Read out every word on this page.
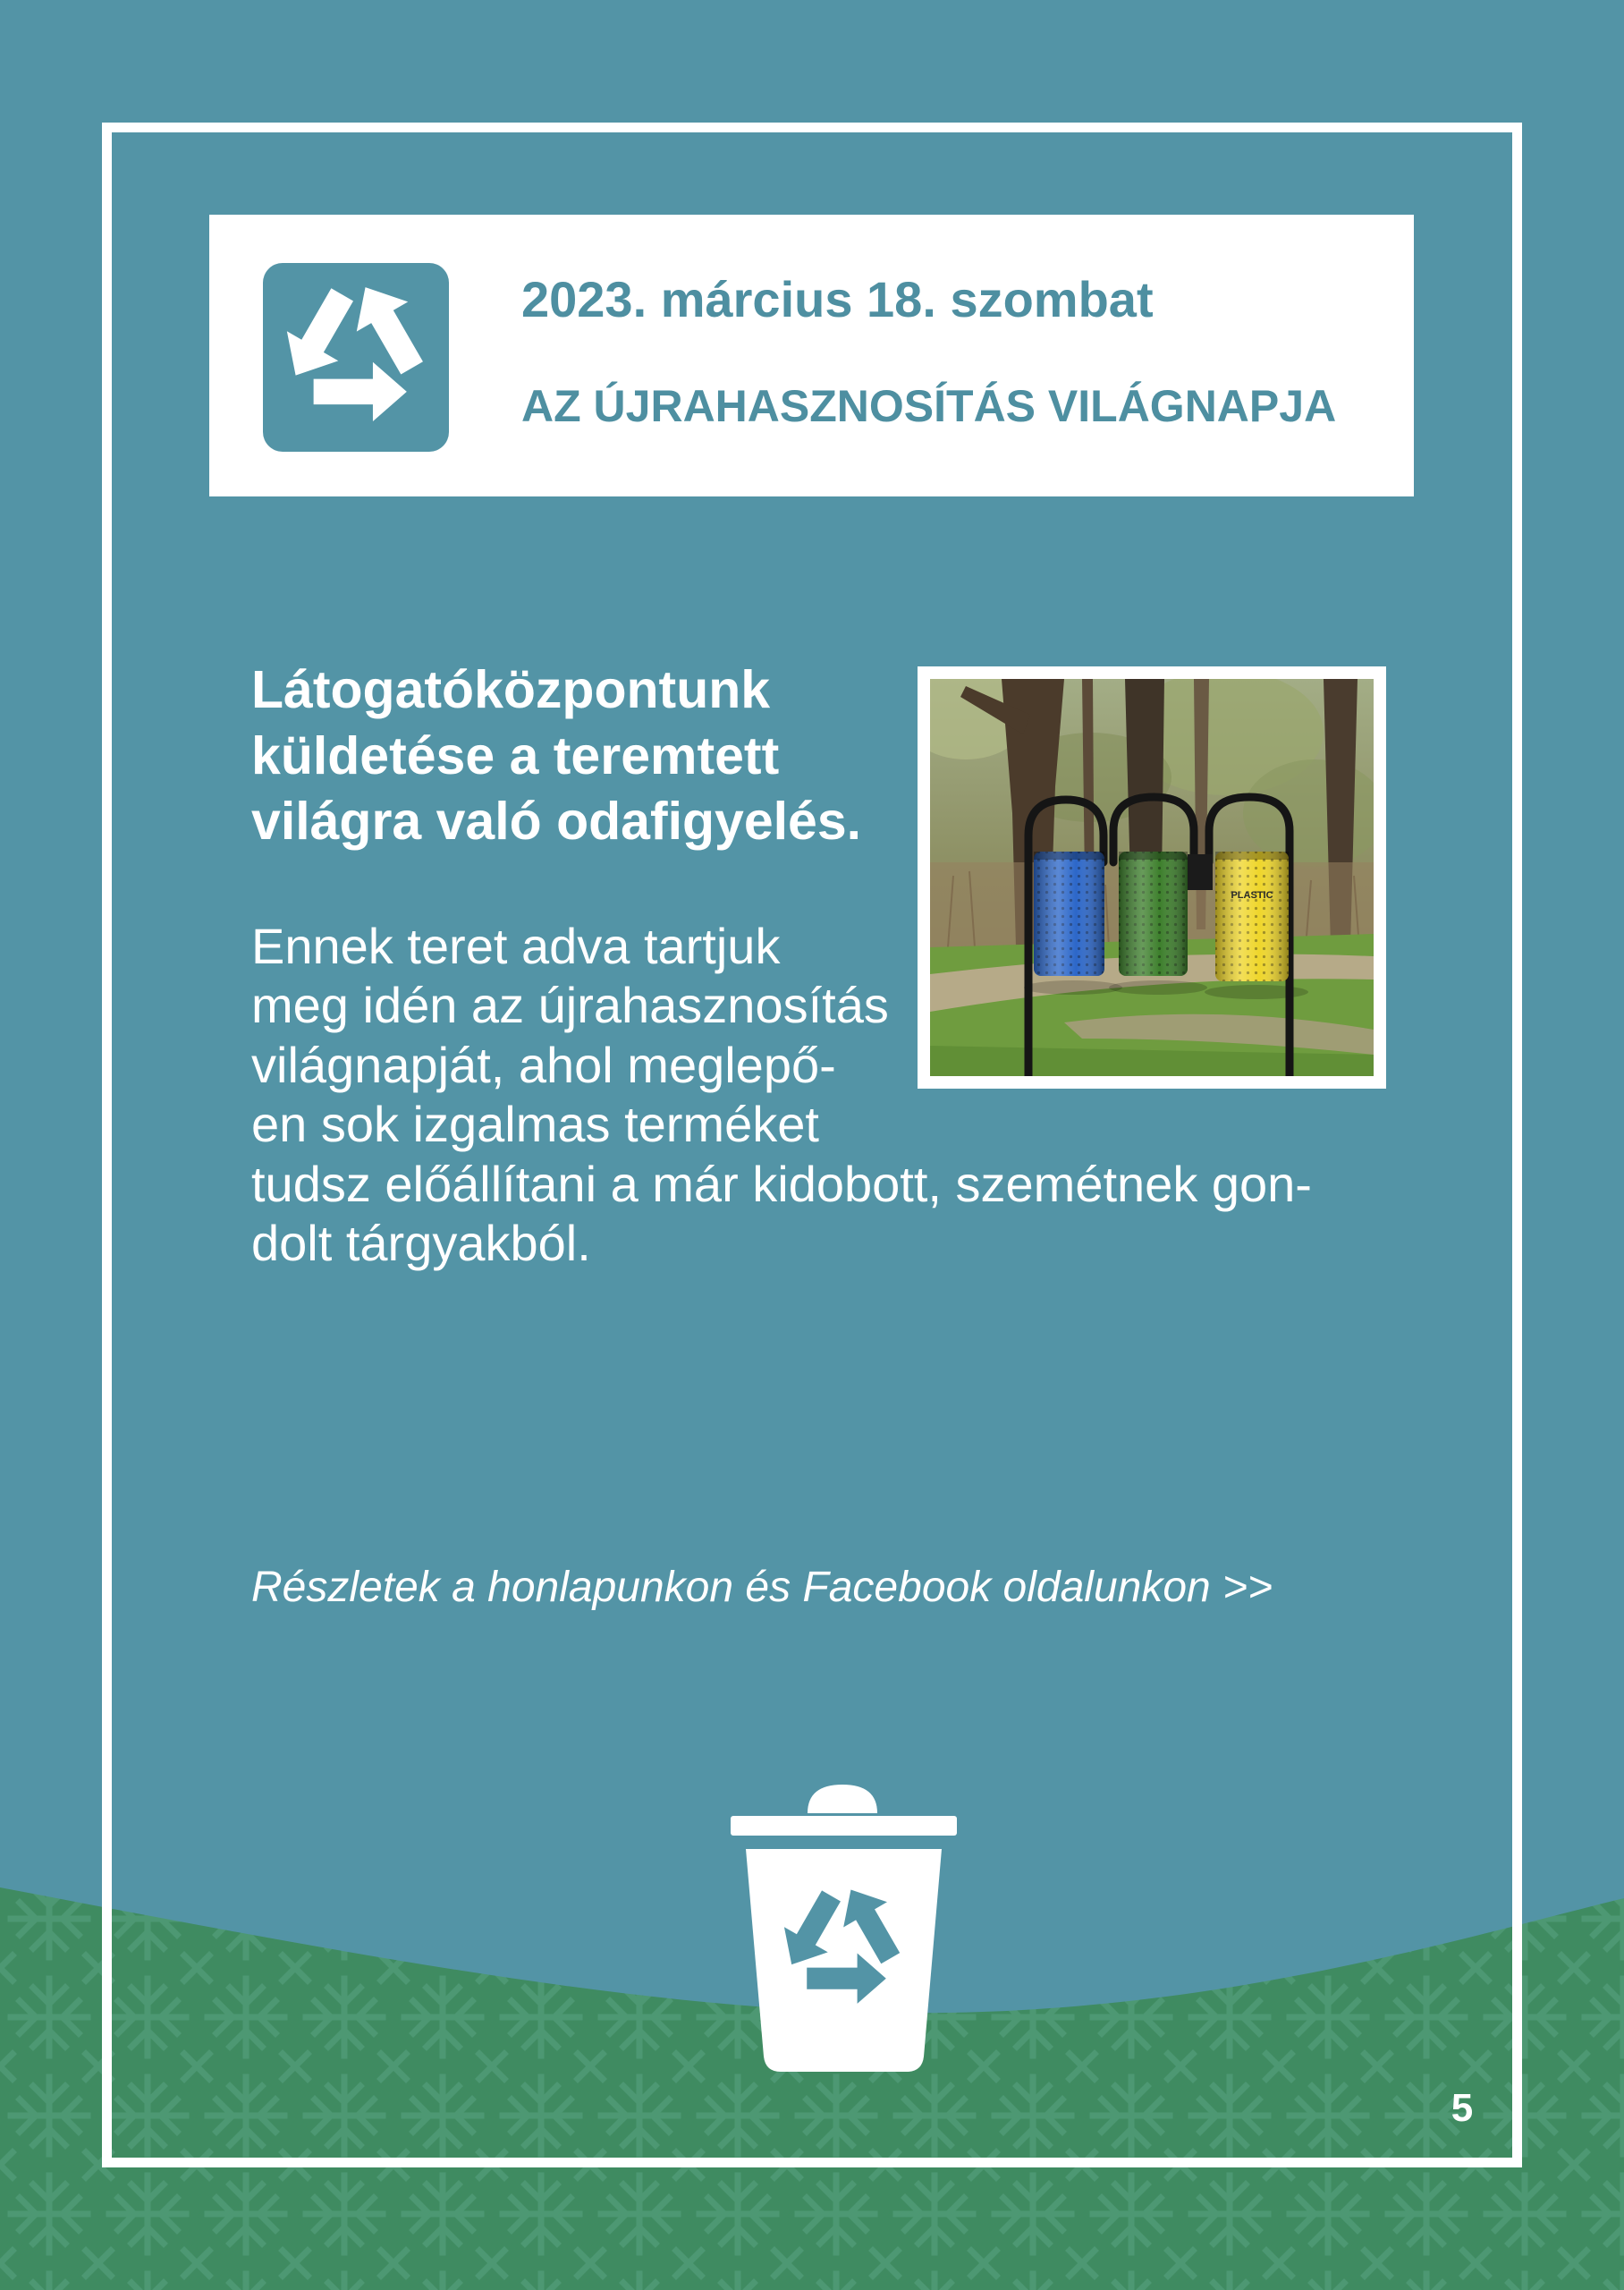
2023. március 18. szombat
AZ ÚJRAHASZNOSÍTÁS VILÁGNAPJA
Látogatóközpontunk
küldetése a teremtett
világra való odafigyelés.
Ennek teret adva tartjuk
meg idén az újrahasznosítás
világnapját, ahol meglepő-
en sok izgalmas terméket
tudsz előállítani a már kidobott, szemétnek gon-
dolt tárgyakból.
PLASTIC
Részletek a honlapunkon és Facebook oldalunkon >>
5
